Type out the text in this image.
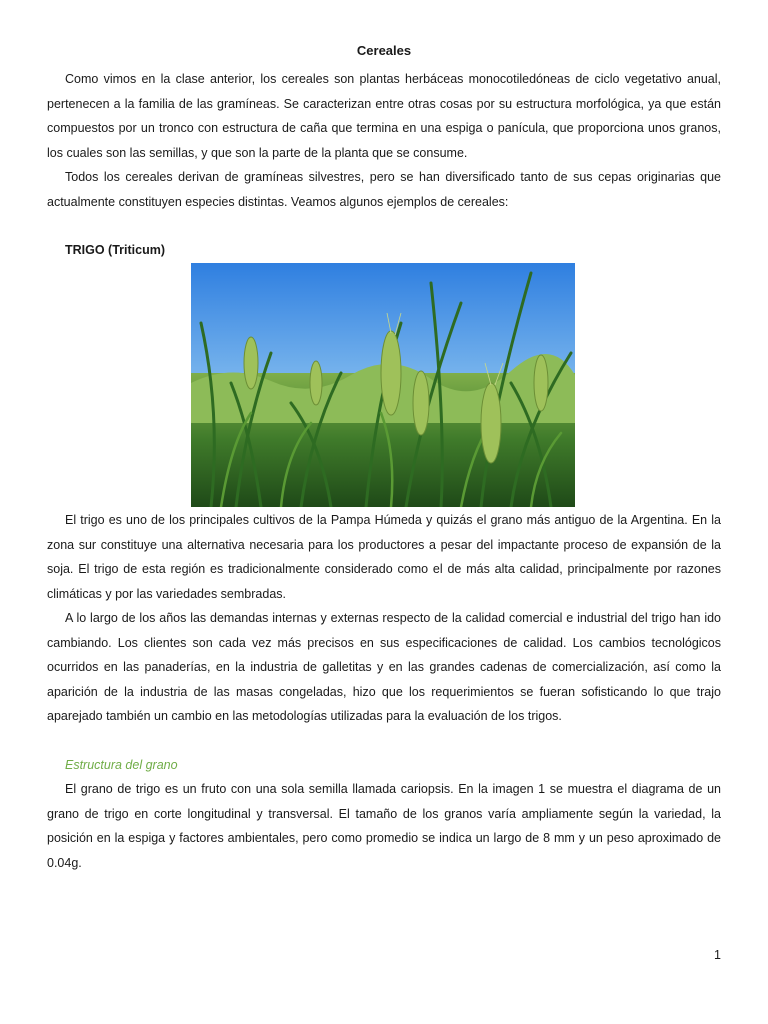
Cereales

Como vimos en la clase anterior, los cereales son plantas herbáceas monocotiledóneas de ciclo vegetativo anual, pertenecen a la familia de las gramíneas. Se caracterizan entre otras cosas por su estructura morfológica, ya que están compuestos por un tronco con estructura de caña que termina en una espiga o panícula, que proporciona unos granos, los cuales son las semillas, y que son la parte de la planta que se consume.

Todos los cereales derivan de gramíneas silvestres, pero se han diversificado tanto de sus cepas originarias que actualmente constituyen especies distintas. Veamos algunos ejemplos de cereales:

TRIGO (Triticum)

El trigo es uno de los principales cultivos de la Pampa Húmeda y quizás el grano más antiguo de la Argentina. En la zona sur constituye una alternativa necesaria para los productores a pesar del impactante proceso de expansión de la soja. El trigo de esta región es tradicionalmente considerado como el de más alta calidad, principalmente por razones climáticas y por las variedades sembradas.

A lo largo de los años las demandas internas y externas respecto de la calidad comercial e industrial del trigo han ido cambiando. Los clientes son cada vez más precisos en sus especificaciones de calidad. Los cambios tecnológicos ocurridos en las panaderías, en la industria de galletitas y en las grandes cadenas de comercialización, así como la aparición de la industria de las masas congeladas, hizo que los requerimientos se fueran sofisticando lo que trajo aparejado también un cambio en las metodologías utilizadas para la evaluación de los trigos.

Estructura del grano

El grano de trigo es un fruto con una sola semilla llamada cariopsis. En la imagen 1 se muestra el diagrama de un grano de trigo en corte longitudinal y transversal. El tamaño de los granos varía ampliamente según la variedad, la posición en la espiga y factores ambientales, pero como promedio se indica un largo de 8 mm y un peso aproximado de 0.04g.

1
